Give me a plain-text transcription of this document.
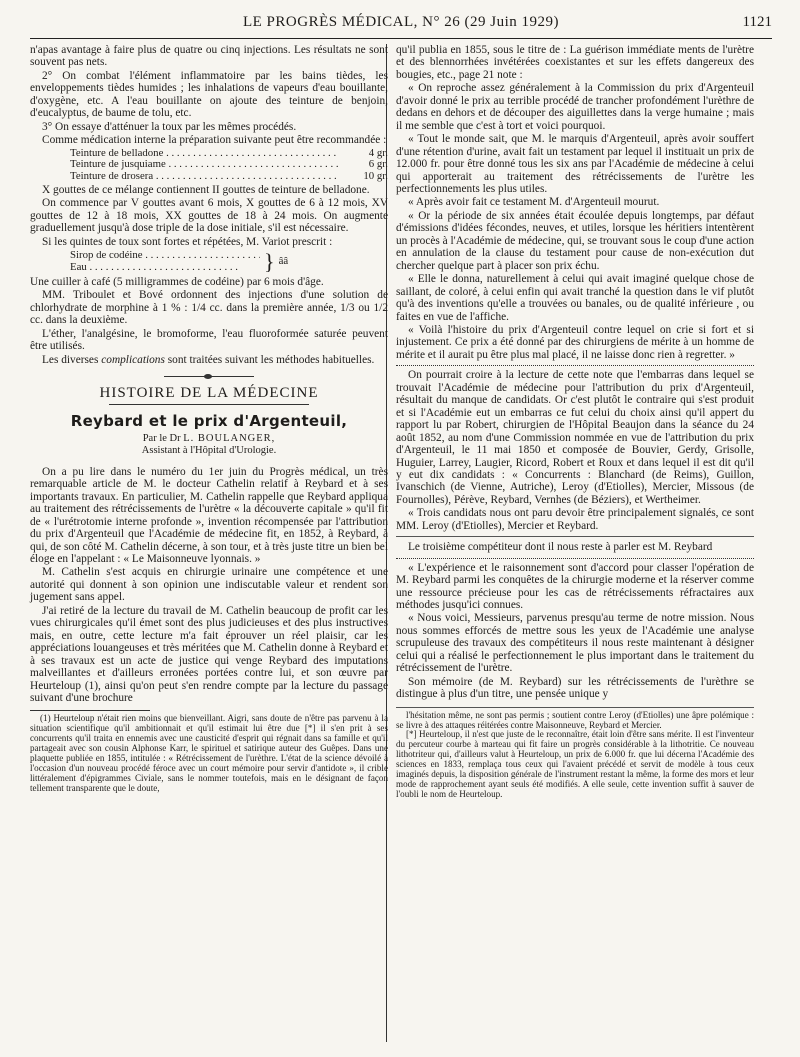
LE PROGRÈS MÉDICAL, N° 26 (29 Juin 1929)	1121

n'apas avantage à faire plus de quatre ou cinq injections. Les résultats ne sont souvent pas nets.

2° On combat l'élément inflammatoire par les bains tièdes, les enveloppements tièdes humides ; les inhalations de vapeurs d'eau bouillante, d'oxygène, etc. A l'eau bouillante on ajoute des teinture de benjoin, d'eucalyptus, de baume de tolu, etc.

3° On essaye d'atténuer la toux par les mêmes procédés.

Comme médication interne la préparation suivante peut être recommandée :

Teinture de belladone . . .	4 gr.
Teinture de jusquiame . . .	6 gr.
Teinture de drosera . . .	10 gr.

X gouttes de ce mélange contiennent II gouttes de teinture de belladone.

On commence par V gouttes avant 6 mois, X gouttes de 6 à 12 mois, XV gouttes de 12 à 18 mois, XX gouttes de 18 à 24 mois. On augmente graduellement jusqu'à dose triple de la dose initiale, s'il est nécessaire.

Si les quintes de toux sont fortes et répétées, M. Variot prescrit :

Sirop de codéine . . .
Eau . . .	} ââ

Une cuiller à café (5 milligrammes de codéine) par 6 mois d'âge.

MM. Triboulet et Bové ordonnent des injections d'une solution de chlorhydrate de morphine à 1 % : 1/4 cc. dans la première année, 1/3 ou 1/2 cc. dans la deuxième.

L'éther, l'analgésine, le bromoforme, l'eau fluoroformée saturée peuvent être utilisés.

Les diverses complications sont traitées suivant les méthodes habituelles.

HISTOIRE DE LA MÉDECINE
Reybard et le prix d'Argenteuil,
Par le Dr L. BOULANGER,
Assistant à l'Hôpital d'Urologie.

On a pu lire dans le numéro du 1er juin du Progrès médical, un très remarquable article de M. le docteur Cathelin relatif à Reybard et à ses importants travaux. En particulier, M. Cathelin rappelle que Reybard appliqua au traitement des rétrécissements de l'urètre « la découverte capitale » qu'il fit de « l'urétrotomie interne profonde », invention récompensée par l'attribution du prix d'Argenteuil que l'Académie de médecine fit, en 1852, à Reybard, à qui, de son côté M. Cathelin décerne, à son tour, et à très juste titre un bien bel éloge en l'appelant : « Le Maisonneuve lyonnais. »

M. Cathelin s'est acquis en chirurgie urinaire une compétence et une autorité qui donnent à son opinion une indiscutable valeur et rendent son jugement sans appel.

J'ai retiré de la lecture du travail de M. Cathelin beaucoup de profit car les vues chirurgicales qu'il émet sont des plus judicieuses et des plus instructives mais, en outre, cette lecture m'a fait éprouver un réel plaisir, car les appréciations louangeuses et très méritées que M. Cathelin donne à Reybard et à ses travaux est un acte de justice qui venge Reybard des imputations malveillantes et d'ailleurs erronées portées contre lui, et son œuvre par Heurteloup (1), ainsi qu'on peut s'en rendre compte par la lecture du passage suivant d'une brochure

(1) Heurteloup n'était rien moins que bienveillant. Aigri, sans doute de n'être pas parvenu à la situation scientifique qu'il ambitionnait et qu'il estimait lui être due [*] il s'en prit à ses concurrents qu'il traita en ennemis avec une causticité d'esprit qui régnait dans sa famille et qu'il partageait avec son cousin Alphonse Karr, le spirituel et satirique auteur des Guêpes. Dans une plaquette publiée en 1855, intitulée : « Rétrécissement de l'urèthre. L'état de la science dévoilé à l'occasion d'un nouveau procédé féroce avec un court mémoire pour servir d'antidote », il crible littéralement d'épigrammes Civiale, sans le nommer toutefois, mais en le désignant de façon tellement transparente que le doute,

qu'il publia en 1855, sous le titre de : La guérison immédiate ments de l'urètre et des blennorrhées invétérées coexistantes et sur les effets dangereux des bougies, etc., page 21 note :

« On reproche assez généralement à la Commission du prix d'Argenteuil d'avoir donné le prix au terrible procédé de trancher profondément l'urèthre de dedans en dehors et de découper des aiguillettes dans la verge humaine ; mais il me semble que c'est à tort et voici pourquoi.

« Tout le monde sait, que M. le marquis d'Argenteuil, après avoir souffert d'une rétention d'urine, avait fait un testament par lequel il instituait un prix de 12.000 fr. pour être donné tous les six ans par l'Académie de médecine à celui qui apporterait au traitement des rétrécissements de l'urètre les perfectionnements les plus utiles.

« Après avoir fait ce testament M. d'Argenteuil mourut.

« Or la période de six années était écoulée depuis longtemps, par défaut d'émissions d'idées fécondes, neuves, et utiles, lorsque les héritiers intentèrent un procès à l'Académie de médecine, qui, se trouvant sous le coup d'une action en annulation de la clause du testament pour cause de non-exécution dut chercher quelque part à placer son prix échu.

« Elle le donna, naturellement à celui qui avait imaginé quelque chose de saillant, de coloré, à celui enfin qui avait tranché la question dans le vif plutôt qu'à des inventions qu'elle a trouvées ou banales, ou de qualité inférieure , ou faites en vue de l'affiche.

« Voilà l'histoire du prix d'Argenteuil contre lequel on crie si fort et si injustement. Ce prix a été donné par des chirurgiens de mérite à un homme de mérite et il aurait pu être plus mal placé, il ne laisse donc rien à regretter. »

On pourrait croire à la lecture de cette note que l'embarras dans lequel se trouvait l'Académie de médecine pour l'attribution du prix d'Argenteuil, résultait du manque de candidats. Or c'est plutôt le contraire qui s'est produit et si l'Académie eut un embarras ce fut celui du choix ainsi qu'il appert du rapport lu par Robert, chirurgien de l'Hôpital Beaujon dans la séance du 24 août 1852, au nom d'une Commission nommée en vue de l'attribution du prix d'Argenteuil, le 11 mai 1850 et composée de Bouvier, Gerdy, Grisolle, Huguier, Larrey, Laugier, Ricord, Robert et Roux et dans lequel il est dit qu'il y eut dix candidats : « Concurrents : Blanchard (de Reims), Guillon, Ivanschich (de Vienne, Autriche), Leroy (d'Etiolles), Mercier, Missous (de Fournolles), Pérève, Reybard, Vernhes (de Béziers), et Wertheimer.

« Trois candidats nous ont paru devoir être principalement signalés, ce sont MM. Leroy (d'Etiolles), Mercier et Reybard.

Le troisième compétiteur dont il nous reste à parler est M. Reybard

« L'expérience et le raisonnement sont d'accord pour classer l'opération de M. Reybard parmi les conquêtes de la chirurgie moderne et la réserver comme une ressource précieuse pour les cas de rétrécissements réfractaires aux méthodes jusqu'ici connues.

« Nous voici, Messieurs, parvenus presqu'au terme de notre mission. Nous nous sommes efforcés de mettre sous les yeux de l'Académie une analyse scrupuleuse des travaux des compétiteurs il nous reste maintenant à désigner celui qui a réalisé le perfectionnement le plus important dans le traitement du rétrécissement de l'urètre.

Son mémoire (de M. Reybard) sur les rétrécissements de l'urèthre se distingue à plus d'un titre, une pensée unique y

l'hésitation même, ne sont pas permis ; soutient contre Leroy (d'Etiolles) une âpre polémique : se livre à des attaques réitérées contre Maisonneuve, Reybard et Mercier.

[*] Heurteloup, il n'est que juste de le reconnaître, était loin d'être sans mérite. Il est l'inventeur du percuteur courbe à marteau qui fit faire un progrès considérable à la lithotritie. Ce nouveau lithotriteur qui, d'ailleurs valut à Heurteloup, un prix de 6.000 fr. que lui décerna l'Académie des sciences en 1833, remplaça tous ceux qui l'avaient précédé et servit de modèle à tous ceux imaginés depuis, la disposition générale de l'instrument restant la même, la forme des mors et leur mode de rapprochement ayant seuls été modifiés. A elle seule, cette invention suffit à sauver de l'oubli le nom de Heurteloup.
